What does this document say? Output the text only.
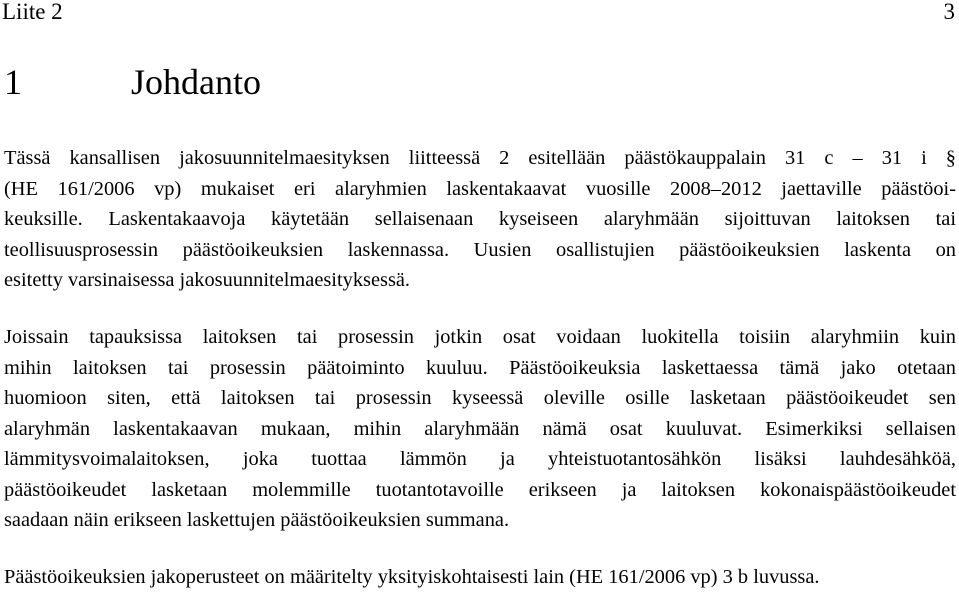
Liite 2	3
1	Johdanto
Tässä kansallisen jakosuunnitelmaesityksen liitteessä 2 esitellään päästökauppalain 31 c – 31 i §
(HE 161/2006 vp) mukaiset eri alaryhmien laskentakaavat vuosille 2008–2012 jaettaville päästöoi-
keuksille. Laskentakaavoja käytetään sellaisenaan kyseiseen alaryhmään sijoittuvan laitoksen tai
teollisuusprosessin päästöoikeuksien laskennassa. Uusien osallistujien päästöoikeuksien laskenta on
esitetty varsinaisessa jakosuunnitelmaesityksessä.
Joissain tapauksissa laitoksen tai prosessin jotkin osat voidaan luokitella toisiin alaryhmiin kuin
mihin laitoksen tai prosessin päätoiminto kuuluu. Päästöoikeuksia laskettaessa tämä jako otetaan
huomioon siten, että laitoksen tai prosessin kyseessä oleville osille lasketaan päästöoikeudet sen
alaryhmän laskentakaavan mukaan, mihin alaryhmään nämä osat kuuluvat. Esimerkiksi sellaisen
lämmitysvoimalaitoksen, joka tuottaa lämmön ja yhteistuotantosähkön lisäksi lauhdesähköä,
päästöoikeudet lasketaan molemmille tuotantotavoille erikseen ja laitoksen kokonaispäästöoikeudet
saadaan näin erikseen laskettujen päästöoikeuksien summana.
Päästöoikeuksien jakoperusteet on määritelty yksityiskohtaisesti lain (HE 161/2006 vp) 3 b luvussa.
